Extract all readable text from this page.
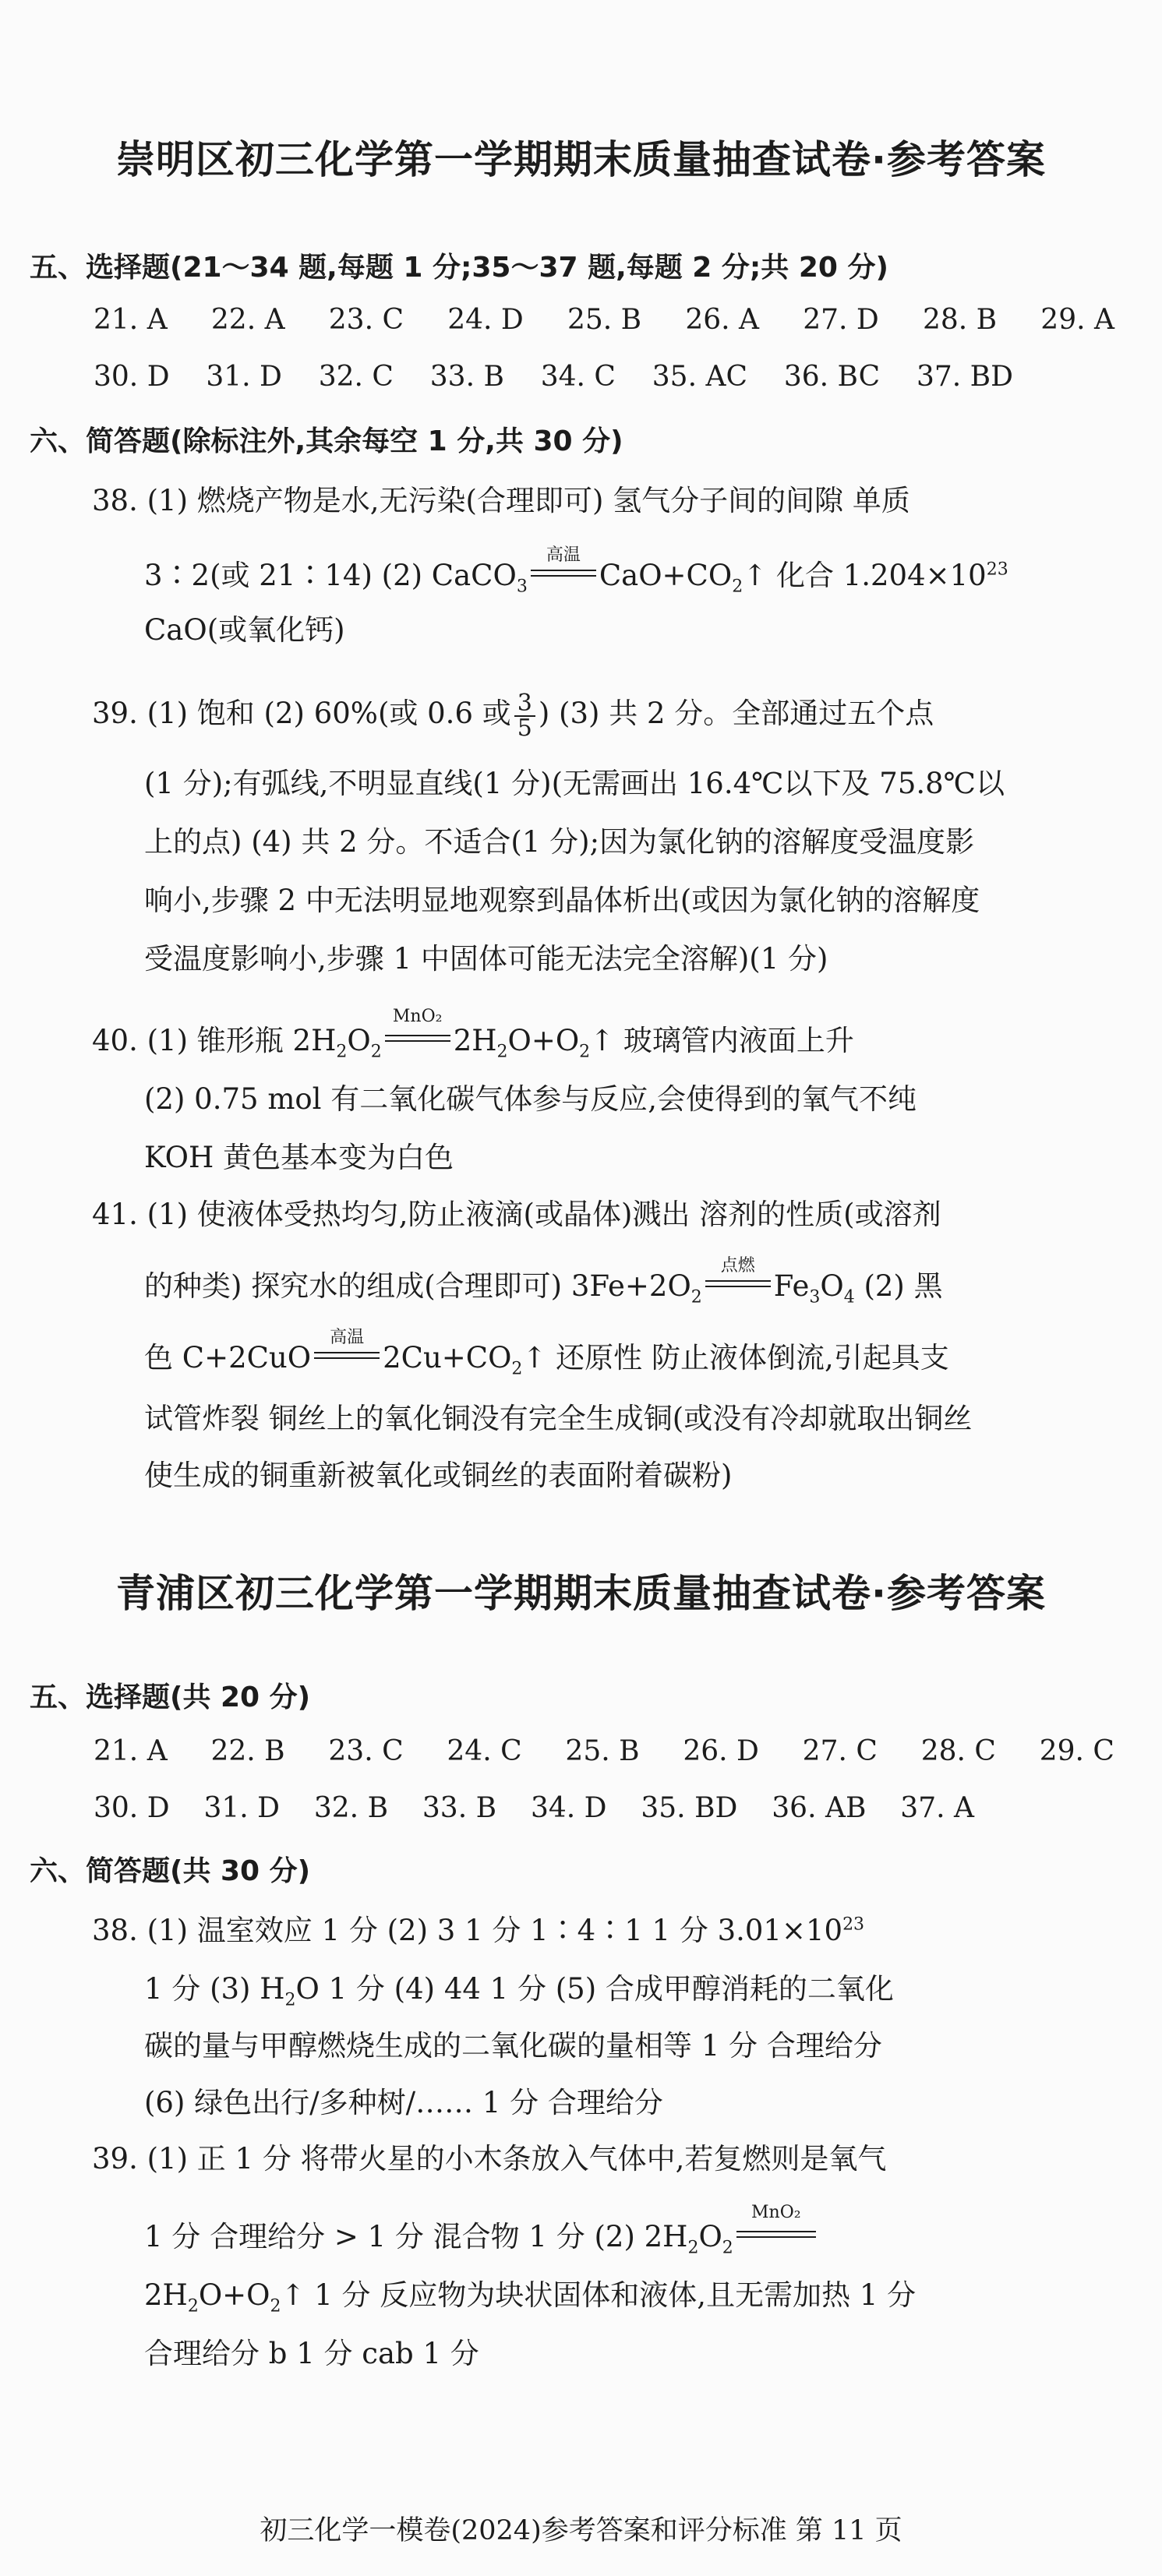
崇明区初三化学第一学期期末质量抽查试卷·参考答案
五、选择题(21～34 题,每题 1 分;35～37 题,每题 2 分;共 20 分)
21. A 22. A 23. C 24. D 25. B 26. A 27. D 28. B 29. A
30. D 31. D 32. C 33. B 34. C 35. AC 36. BC 37. BD
六、简答题(除标注外,其余每空 1 分,共 30 分)
38. (1) 燃烧产物是水,无污染(合理即可) 氢气分子间的间隙 单质
3∶2(或 21∶14) (2) CaCO$_3$
高温
$CaO+CO_2↑$ 化合 $1.204\times 10^{23}$
CaO(或氧化钙)
39. (1) 饱和 (2) 60%(或 0.6 或 $\frac{3}{5}$ ) (3) 共 2 分。全部通过五个点
(1 分);有弧线,不明显直线(1 分)(无需画出 16.4℃以下及 75.8℃以
上的点) (4) 共 2 分。不适合(1 分);因为氯化钠的溶解度受温度影
响小,步骤 2 中无法明显地观察到晶体析出(或因为氯化钠的溶解度
受温度影响小,步骤 1 中固体可能无法完全溶解)(1 分)
40. (1) 锥形瓶 $2H_2O_2$
MnO₂
$2H_2O+O_2↑$ 玻璃管内液面上升
(2) 0.75 mol 有二氧化碳气体参与反应,会使得到的氧气不纯
KOH 黄色基本变为白色
41. (1) 使液体受热均匀,防止液滴(或晶体)溅出 溶剂的性质(或溶剂
的种类) 探究水的组成(合理即可) $3Fe+2O_2$
点燃
$Fe_3O_4$ (2) 黑
色 C+2CuO
高温
$2Cu+CO_2↑$ 还原性 防止液体倒流,引起具支
试管炸裂 铜丝上的氧化铜没有完全生成铜(或没有冷却就取出铜丝
使生成的铜重新被氧化或铜丝的表面附着碳粉)
青浦区初三化学第一学期期末质量抽查试卷·参考答案
五、选择题(共 20 分)
21. A 22. B 23. C 24. C 25. B 26. D 27. C 28. C 29. C
30. D 31. D 32. B 33. B 34. D 35. BD 36. AB 37. A
六、简答题(共 30 分)
38. (1) 温室效应 1 分 (2) 3 1 分 1∶4∶1 1 分 $3.01\times 10^{23}$
1 分 (3) $H_2O$ 1 分 (4) 44 1 分 (5) 合成甲醇消耗的二氧化
碳的量与甲醇燃烧生成的二氧化碳的量相等 1 分 合理给分
(6) 绿色出行/多种树/…… 1 分 合理给分
39. (1) 正 1 分 将带火星的小木条放入气体中,若复燃则是氧气
1 分 合理给分 > 1 分 混合物 1 分 (2) $2H_2O_2$
MnO₂
$2H_2O+O_2↑$ 1 分 反应物为块状固体和液体,且无需加热 1 分
合理给分 b 1 分 cab 1 分
初三化学一模卷(2024)参考答案和评分标准 第 11 页
